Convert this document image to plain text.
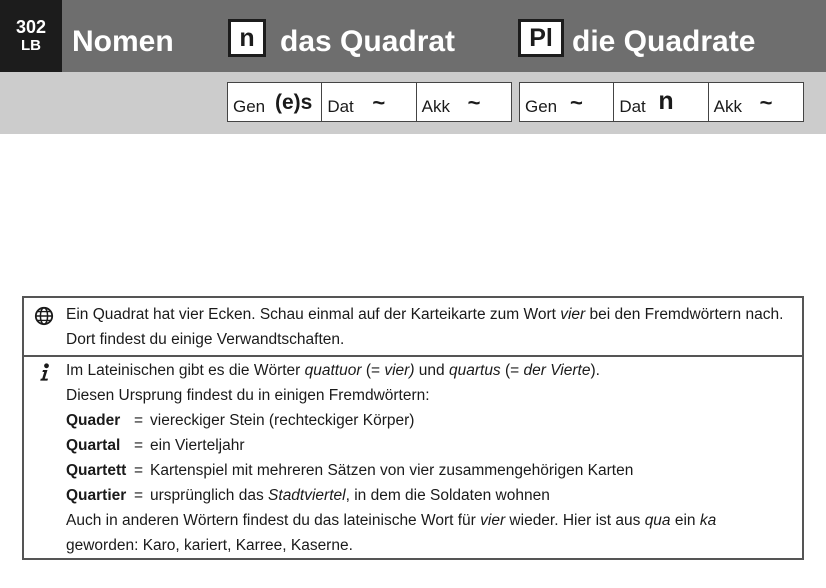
302
LB	Nomen	n das Quadrat	Pl die Quadrate
Gen (e)s Dat ~ Akk ~	Gen ~ Dat n Akk ~
Ein Quadrat hat vier Ecken. Schau einmal auf der Karteikarte zum Wort vier bei den Fremdwörtern nach.
Dort findest du einige Verwandtschaften.
Im Lateinischen gibt es die Wörter quattuor (= vier) und quartus (= der Vierte).
Diesen Ursprung findest du in einigen Fremdwörtern:
Quader = viereckiger Stein (rechteckiger Körper)
Quartal = ein Vierteljahr
Quartett = Kartenspiel mit mehreren Sätzen von vier zusammengehörigen Karten
Quartier = ursprünglich das Stadtviertel, in dem die Soldaten wohnen
Auch in anderen Wörtern findest du das lateinische Wort für vier wieder. Hier ist aus qua ein ka
geworden: Karo, kariert, Karree, Kaserne.
